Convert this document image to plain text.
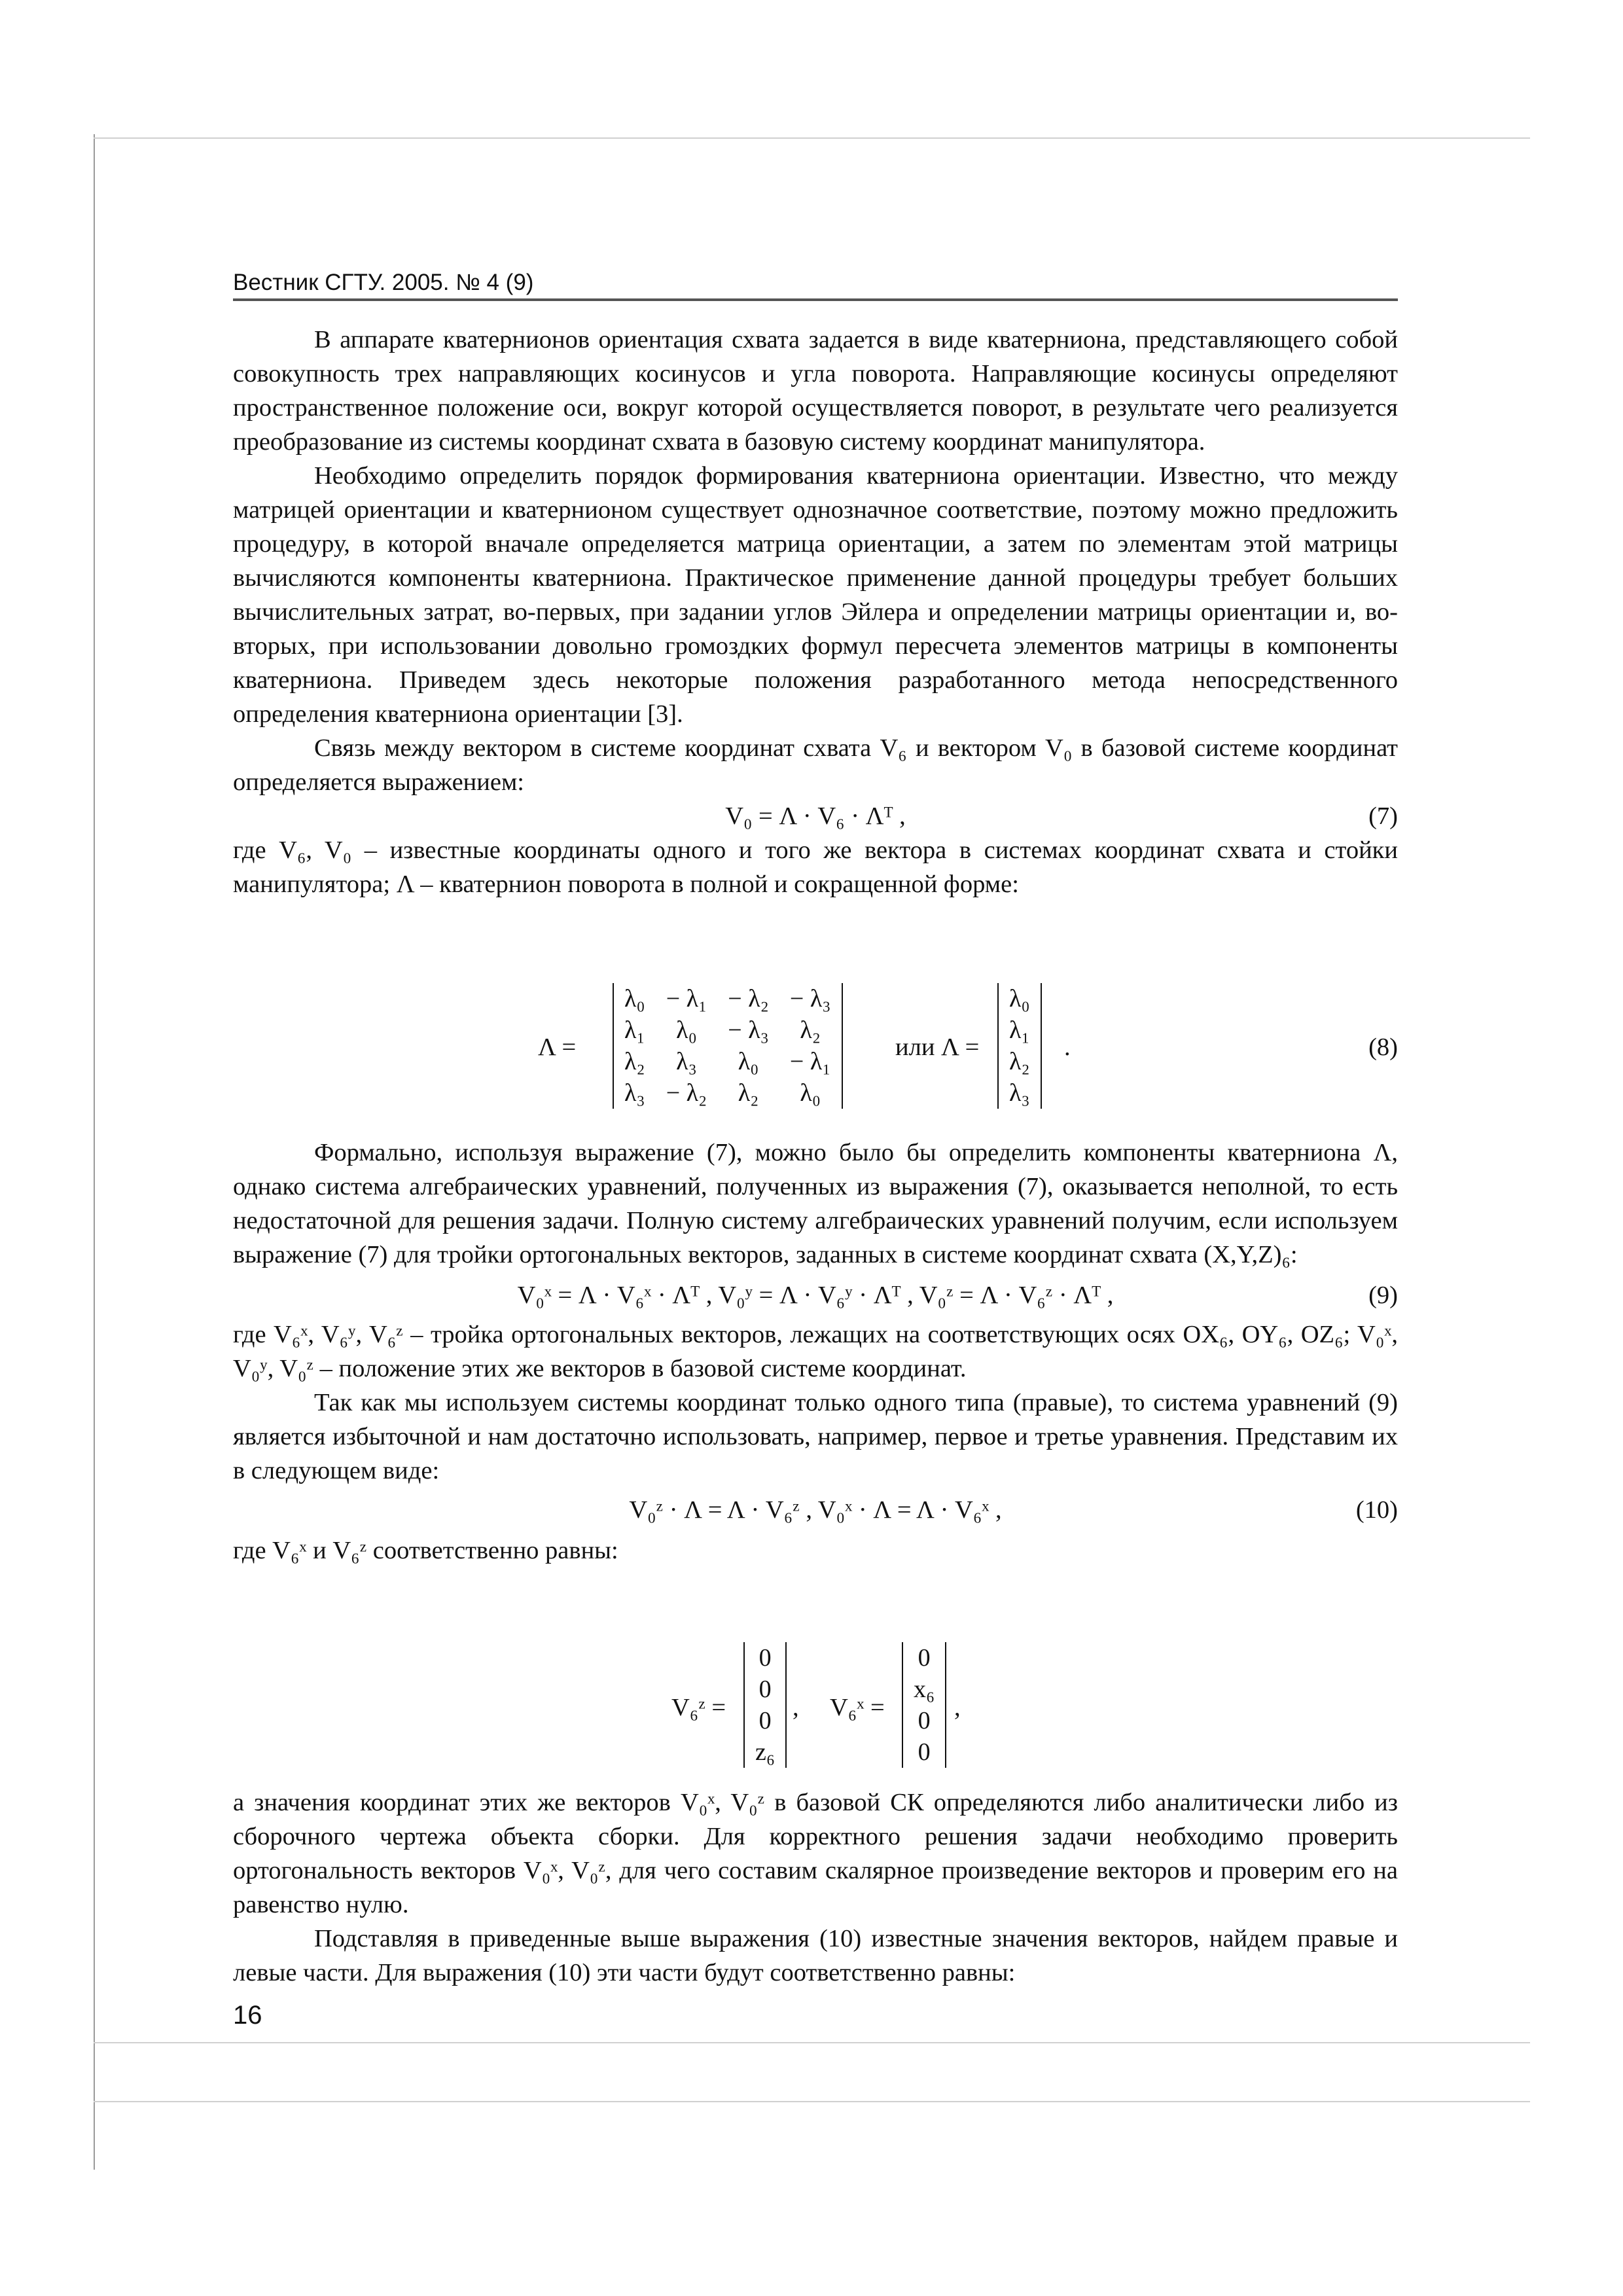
Вестник СГТУ. 2005. № 4 (9)

В аппарате кватернионов ориентация схвата задается в виде кватерниона, представляющего собой совокупность трех направляющих косинусов и угла поворота. Направляющие косинусы определяют пространственное положение оси, вокруг которой осуществляется поворот, в результате чего реализуется преобразование из системы координат схвата в базовую систему координат манипулятора.

Необходимо определить порядок формирования кватерниона ориентации. Известно, что между матрицей ориентации и кватернионом существует однозначное соответствие, поэтому можно предложить процедуру, в которой вначале определяется матрица ориентации, а затем по элементам этой матрицы вычисляются компоненты кватерниона. Практическое применение данной процедуры требует больших вычислительных затрат, во-первых, при задании углов Эйлера и определении матрицы ориентации и, во-вторых, при использовании довольно громоздких формул пересчета элементов матрицы в компоненты кватерниона. Приведем здесь некоторые положения разработанного метода непосредственного определения кватерниона ориентации [3].

Связь между вектором в системе координат схвата V₆ и вектором V₀ в базовой системе координат определяется выражением:

V₀ = Λ · V₆ · Λᵀ ,	(7)

где V₆, V₀ – известные координаты одного и того же вектора в системах координат схвата и стойки манипулятора; Λ – кватернион поворота в полной и сокращенной форме:

Λ =
λ₀	− λ₁	− λ₂	− λ₃
λ₁	λ₀	− λ₃	λ₂
λ₂	λ₃	λ₀	− λ₁
λ₃	− λ₂	λ₂	λ₀
или Λ =
λ₀
λ₁
λ₂
λ₃
.	(8)

Формально, используя выражение (7), можно было бы определить компоненты кватерниона Λ, однако система алгебраических уравнений, полученных из выражения (7), оказывается неполной, то есть недостаточной для решения задачи. Полную систему алгебраических уравнений получим, если используем выражение (7) для тройки ортогональных векторов, заданных в системе координат схвата (X,Y,Z)₆:

V₀ˣ = Λ · V₆ˣ · Λᵀ , V₀ʸ = Λ · V₆ʸ · Λᵀ , V₀ᶻ = Λ · V₆ᶻ · Λᵀ ,	(9)

где V₆ˣ, V₆ʸ, V₆ᶻ – тройка ортогональных векторов, лежащих на соответствующих осях OX₆, OY₆, OZ₆; V₀ˣ, V₀ʸ, V₀ᶻ – положение этих же векторов в базовой системе координат.

Так как мы используем системы координат только одного типа (правые), то система уравнений (9) является избыточной и нам достаточно использовать, например, первое и третье уравнения. Представим их в следующем виде:

V₀ᶻ · Λ = Λ · V₆ᶻ , V₀ˣ · Λ = Λ · V₆ˣ ,	(10)

где V₆ˣ и V₆ᶻ соответственно равны:

V₆ᶻ =
0
0
0
z₆
, V₆ˣ =
0
x₆
0
0
,

а значения координат этих же векторов V₀ˣ, V₀ᶻ в базовой СК определяются либо аналитически либо из сборочного чертежа объекта сборки. Для корректного решения задачи необходимо проверить ортогональность векторов V₀ˣ, V₀ᶻ, для чего составим скалярное произведение векторов и проверим его на равенство нулю.

Подставляя в приведенные выше выражения (10) известные значения векторов, найдем правые и левые части. Для выражения (10) эти части будут соответственно равны:

16
